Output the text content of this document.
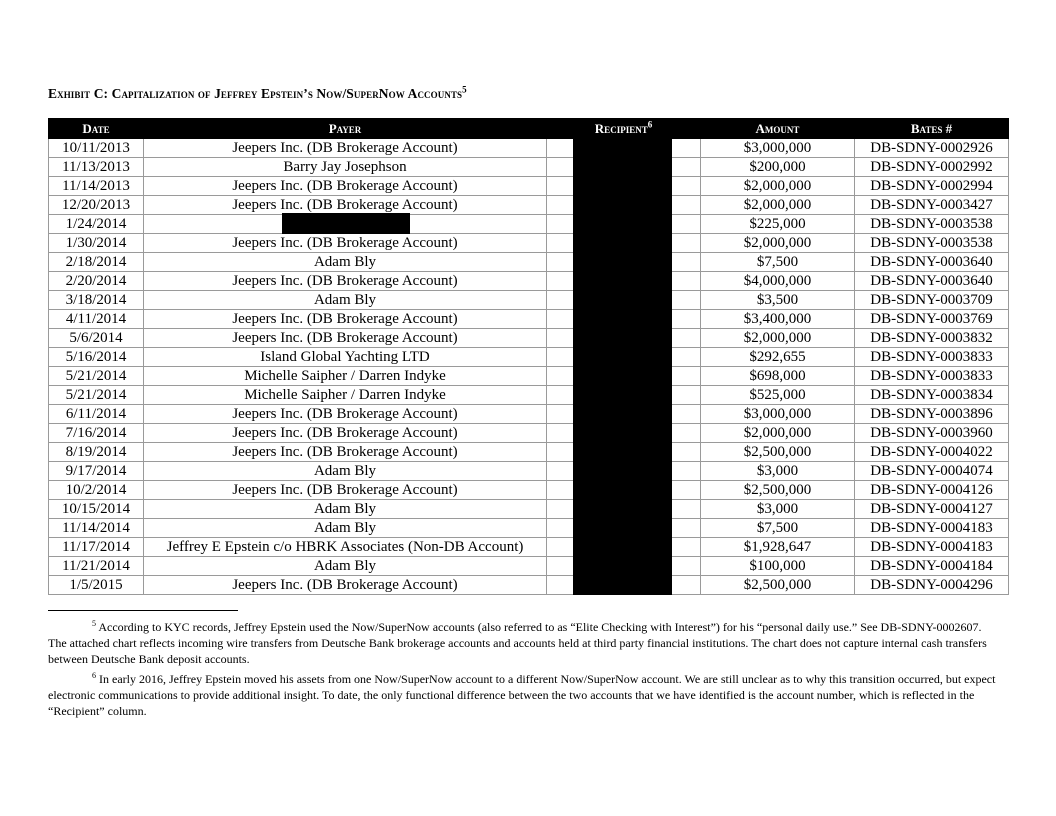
Exhibit C: Capitalization of Jeffrey Epstein’s Now/SuperNow Accounts$^5$
Date	Payer	Recipient$^6$	Amount	Bates #
10/11/2013	Jeepers Inc. (DB Brokerage Account)		$3,000,000	DB-SDNY-0002926
11/13/2013	Barry Jay Josephson		$200,000	DB-SDNY-0002992
11/14/2013	Jeepers Inc. (DB Brokerage Account)		$2,000,000	DB-SDNY-0002994
12/20/2013	Jeepers Inc. (DB Brokerage Account)		$2,000,000	DB-SDNY-0003427
1/24/2014			$225,000	DB-SDNY-0003538
1/30/2014	Jeepers Inc. (DB Brokerage Account)		$2,000,000	DB-SDNY-0003538
2/18/2014	Adam Bly		$7,500	DB-SDNY-0003640
2/20/2014	Jeepers Inc. (DB Brokerage Account)		$4,000,000	DB-SDNY-0003640
3/18/2014	Adam Bly		$3,500	DB-SDNY-0003709
4/11/2014	Jeepers Inc. (DB Brokerage Account)		$3,400,000	DB-SDNY-0003769
5/6/2014	Jeepers Inc. (DB Brokerage Account)		$2,000,000	DB-SDNY-0003832
5/16/2014	Island Global Yachting LTD		$292,655	DB-SDNY-0003833
5/21/2014	Michelle Saipher / Darren Indyke		$698,000	DB-SDNY-0003833
5/21/2014	Michelle Saipher / Darren Indyke		$525,000	DB-SDNY-0003834
6/11/2014	Jeepers Inc. (DB Brokerage Account)		$3,000,000	DB-SDNY-0003896
7/16/2014	Jeepers Inc. (DB Brokerage Account)		$2,000,000	DB-SDNY-0003960
8/19/2014	Jeepers Inc. (DB Brokerage Account)		$2,500,000	DB-SDNY-0004022
9/17/2014	Adam Bly		$3,000	DB-SDNY-0004074
10/2/2014	Jeepers Inc. (DB Brokerage Account)		$2,500,000	DB-SDNY-0004126
10/15/2014	Adam Bly		$3,000	DB-SDNY-0004127
11/14/2014	Adam Bly		$7,500	DB-SDNY-0004183
11/17/2014	Jeffrey E Epstein c/o HBRK Associates (Non-DB Account)		$1,928,647	DB-SDNY-0004183
11/21/2014	Adam Bly		$100,000	DB-SDNY-0004184
1/5/2015	Jeepers Inc. (DB Brokerage Account)		$2,500,000	DB-SDNY-0004296

$^5$ According to KYC records, Jeffrey Epstein used the Now/SuperNow accounts (also referred to as “Elite Checking with Interest”) for his “personal daily use.” See DB-SDNY-0002607. The attached chart reflects incoming wire transfers from Deutsche Bank brokerage accounts and accounts held at third party financial institutions. The chart does not capture internal cash transfers between Deutsche Bank deposit accounts.

$^6$ In early 2016, Jeffrey Epstein moved his assets from one Now/SuperNow account to a different Now/SuperNow account. We are still unclear as to why this transition occurred, but expect electronic communications to provide additional insight. To date, the only functional difference between the two accounts that we have identified is the account number, which is reflected in the “Recipient” column.
